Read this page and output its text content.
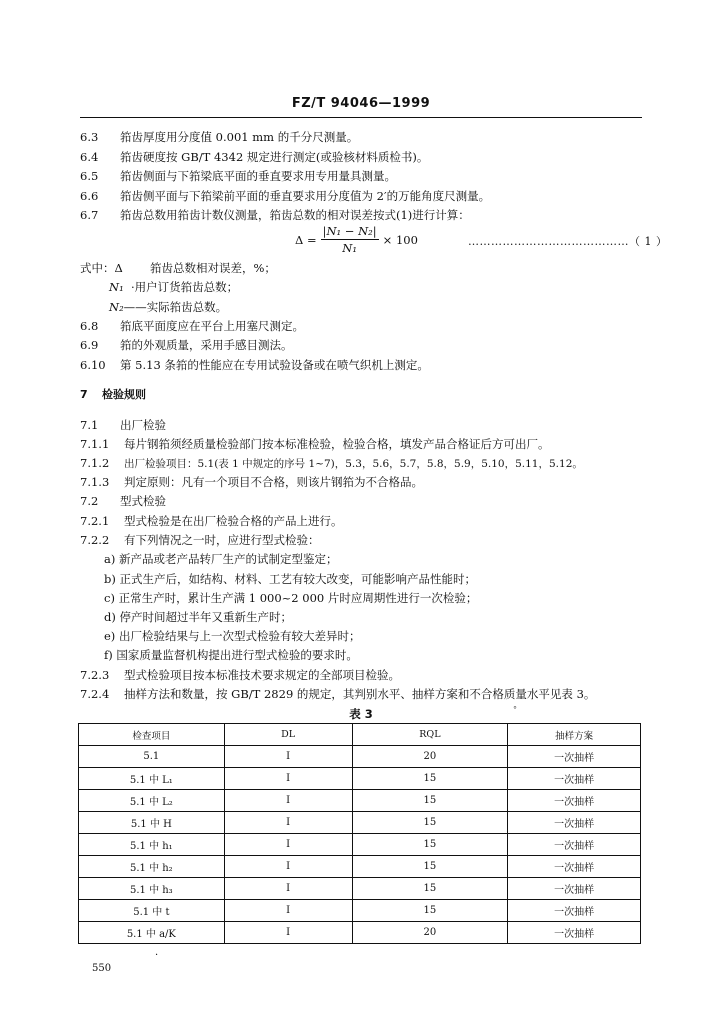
FZ/T 94046—1999
6.3 筘齿厚度用分度值 0.001 mm 的千分尺测量。
6.4 筘齿硬度按 GB/T 4342 规定进行测定(或验核材料质检书)。
6.5 筘齿侧面与下筘梁底平面的垂直要求用专用量具测量。
6.6 筘齿侧平面与下筘梁前平面的垂直要求用分度值为 2′的万能角度尺测量。
6.7 筘齿总数用筘齿计数仪测量，筘齿总数的相对误差按式(1)进行计算：
$\Delta = \frac{\text{|N₁ − N₂|}}{\text{N₁}} \times 100$	……………………………………（ 1 ）
式中：Δ 筘齿总数相对误差，%；
N₁ ·用户订货筘齿总数；
N₂——实际筘齿总数。
6.8 筘底平面度应在平台上用塞尺测定。
6.9 筘的外观质量，采用手感目测法。
6.10 第 5.13 条筘的性能应在专用试验设备或在喷气织机上测定。
7 检验规则
7.1 出厂检验
7.1.1 每片钢筘须经质量检验部门按本标准检验，检验合格，填发产品合格证后方可出厂。
7.1.2 出厂检验项目：5.1(表 1 中规定的序号 1~7)，5.3，5.6，5.7，5.8，5.9，5.10，5.11，5.12。
7.1.3 判定原则：凡有一个项目不合格，则该片钢筘为不合格品。
7.2 型式检验
7.2.1 型式检验是在出厂检验合格的产品上进行。
7.2.2 有下列情况之一时，应进行型式检验：
a) 新产品或老产品转厂生产的试制定型鉴定；
b) 正式生产后，如结构、材料、工艺有较大改变，可能影响产品性能时；
c) 正常生产时，累计生产满 1 000~2 000 片时应周期性进行一次检验；
d) 停产时间超过半年又重新生产时；
e) 出厂检验结果与上一次型式检验有较大差异时；
f) 国家质量监督机构提出进行型式检验的要求时。
7.2.3 型式检验项目按本标准技术要求规定的全部项目检验。
7.2.4 抽样方法和数量，按 GB/T 2829 的规定，其判别水平、抽样方案和不合格质量水平见表 3。
°
表 3
检查项目	DL	RQL	抽样方案
5.1	Ⅰ	20	一次抽样
5.1 中 L₁	Ⅰ	15	一次抽样
5.1 中 L₂	Ⅰ	15	一次抽样
5.1 中 H	Ⅰ	15	一次抽样
5.1 中 h₁	Ⅰ	15	一次抽样
5.1 中 h₂	Ⅰ	15	一次抽样
5.1 中 h₃	Ⅰ	15	一次抽样
5.1 中 t	Ⅰ	15	一次抽样
5.1 中 a/K	Ⅰ	20	一次抽样
·
550
